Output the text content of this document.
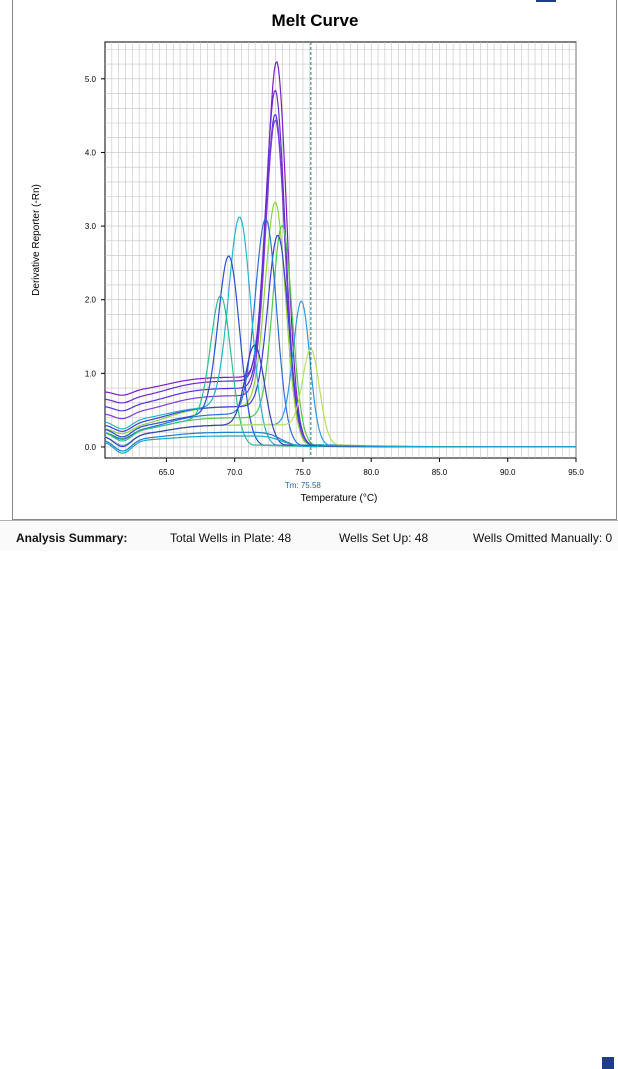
Melt Curve
65.0	70.0	75.0	80.0	85.0	90.0	95.0
0.0
1.0
2.0
3.0
4.0
5.0
Tm: 75.58
Temperature (°C)
Derivative Reporter (-Rn)
Analysis Summary:	Total Wells in Plate: 48	Wells Set Up: 48	Wells Omitted Manually: 0
